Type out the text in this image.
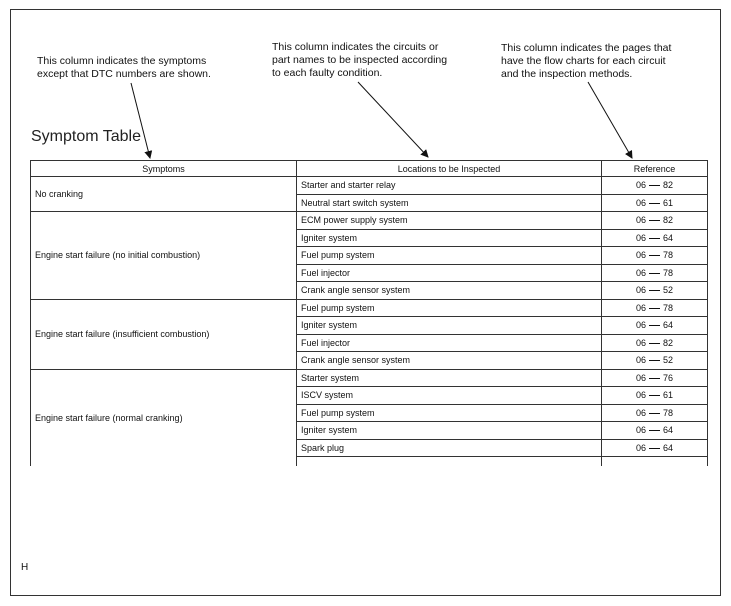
This column indicates the symptoms
except that DTC numbers are shown.
This column indicates the circuits or
part names to be inspected according
to each faulty condition.
This column indicates the pages that
have the flow charts for each circuit
and the inspection methods.
Symptom Table
Symptoms	Locations to be Inspected	Reference
No cranking	Starter and starter relay	06 82
	Neutral start switch system	06 61
Engine start failure (no initial combustion)	ECM power supply system	06 82
	Igniter system	06 64
	Fuel pump system	06 78
	Fuel injector	06 78
	Crank angle sensor system	06 52
Engine start failure (insufficient combustion)	Fuel pump system	06 78
	Igniter system	06 64
	Fuel injector	06 82
	Crank angle sensor system	06 52
Engine start failure (normal cranking)	Starter system	06 76
	ISCV system	06 61
	Fuel pump system	06 78
	Igniter system	06 64
	Spark plug	06 64

H
